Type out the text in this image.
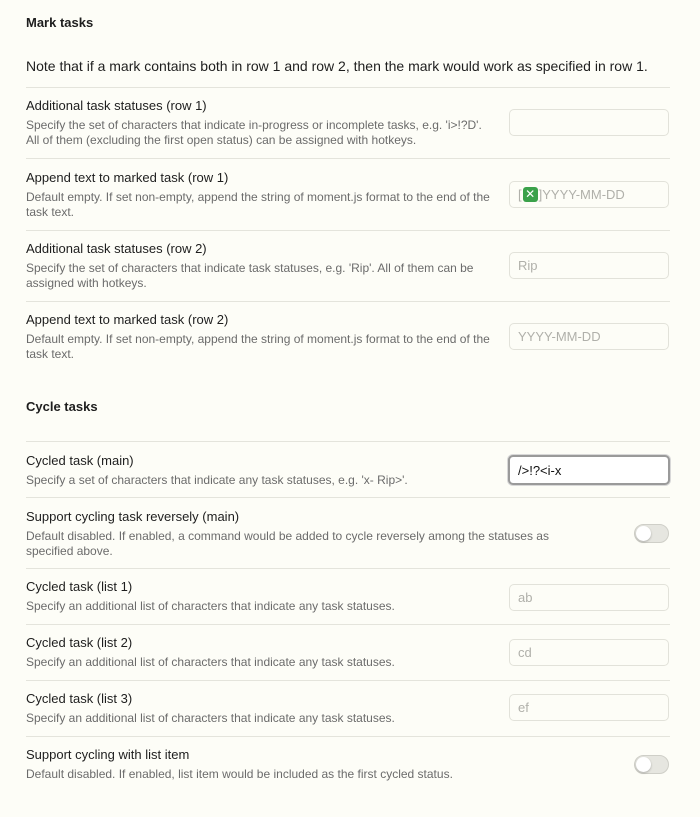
Mark tasks
Note that if a mark contains both in row 1 and row 2, then the mark would work as specified in row 1.
Additional task statuses (row 1)
Specify the set of characters that indicate in-progress or incomplete tasks, e.g. 'i>!?D'. All of them (excluding the first open status) can be assigned with hotkeys.
Append text to marked task (row 1)
Default empty. If set non-empty, append the string of moment.js format to the end of the task text.
[ ✕ ]YYYY-MM-DD
Additional task statuses (row 2)
Specify the set of characters that indicate task statuses, e.g. 'Rip'. All of them can be assigned with hotkeys.
Rip
Append text to marked task (row 2)
Default empty. If set non-empty, append the string of moment.js format to the end of the task text.
YYYY-MM-DD
Cycle tasks
Cycled task (main)
Specify a set of characters that indicate any task statuses, e.g. 'x- Rip>'.
/>!?<i-x
Support cycling task reversely (main)
Default disabled. If enabled, a command would be added to cycle reversely among the statuses as specified above.
Cycled task (list 1)
Specify an additional list of characters that indicate any task statuses.
ab
Cycled task (list 2)
Specify an additional list of characters that indicate any task statuses.
cd
Cycled task (list 3)
Specify an additional list of characters that indicate any task statuses.
ef
Support cycling with list item
Default disabled. If enabled, list item would be included as the first cycled status.
